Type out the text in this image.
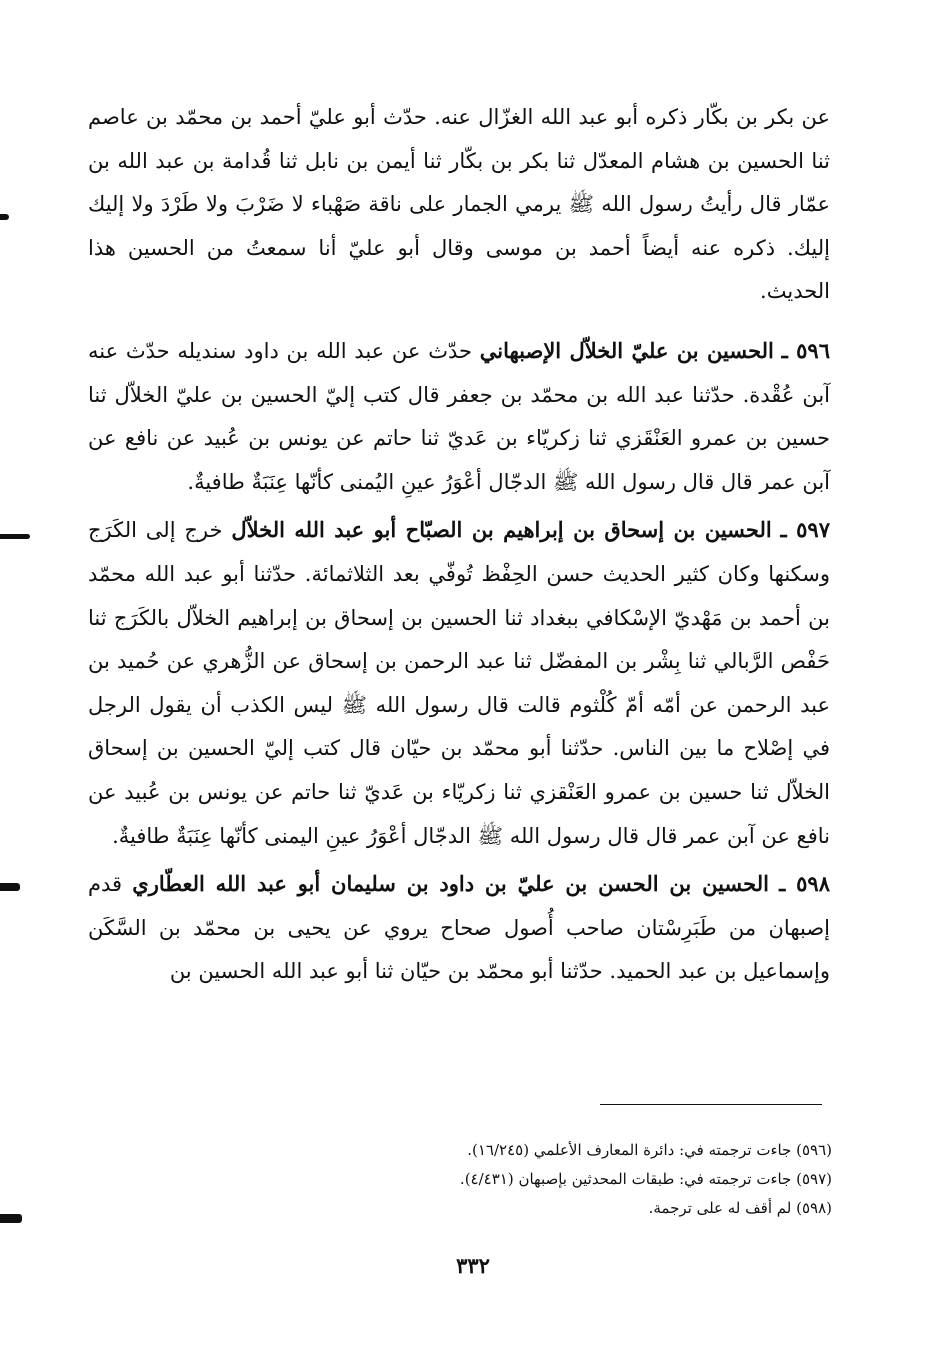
عن بكر بن بكّار ذكره أبو عبد الله الغزّال عنه. حدّث أبو عليّ أحمد بن محمّد بن عاصم ثنا الحسين بن هشام المعدّل ثنا بكر بن بكّار ثنا أيمن بن نابل ثنا قُدامة بن عبد الله بن عمّار قال رأيتُ رسول الله ﷺ يرمي الجمار على ناقة صَهْباء لا ضَرْبَ ولا طَرْدَ ولا إليك إليك. ذكره عنه أيضاً أحمد بن موسى وقال أبو عليّ أنا سمعتُ من الحسين هذا الحديث.

٥٩٦ ـ الحسين بن عليّ الخلاّل الإصبهاني حدّث عن عبد الله بن داود سنديله حدّث عنه آبن عُقْدة. حدّثنا عبد الله بن محمّد بن جعفر قال كتب إليّ الحسين بن عليّ الخلاّل ثنا حسين بن عمرو العَنْقَزي ثنا زكريّاء بن عَديّ ثنا حاتم عن يونس بن عُبيد عن نافع عن آبن عمر قال قال رسول الله ﷺ الدجّال أعْوَرُ عينِ اليُمنى كأنّها عِنَبَةٌ طافيةٌ.

٥٩٧ ـ الحسين بن إسحاق بن إبراهيم بن الصبّاح أبو عبد الله الخلاّل خرج إلى الكَرَج وسكنها وكان كثير الحديث حسن الحِفْظ تُوفّي بعد الثلاثمائة. حدّثنا أبو عبد الله محمّد بن أحمد بن مَهْديّ الإسْكافي ببغداد ثنا الحسين بن إسحاق بن إبراهيم الخلاّل بالكَرَج ثنا حَفْص الرَّبالي ثنا بِشْر بن المفضّل ثنا عبد الرحمن بن إسحاق عن الزُّهري عن حُميد بن عبد الرحمن عن أمّه أمّ كُلْثوم قالت قال رسول الله ﷺ ليس الكذب أن يقول الرجل في إصْلاح ما بين الناس. حدّثنا أبو محمّد بن حيّان قال كتب إليّ الحسين بن إسحاق الخلاّل ثنا حسين بن عمرو العَنْقزي ثنا زكريّاء بن عَديّ ثنا حاتم عن يونس بن عُبيد عن نافع عن آبن عمر قال قال رسول الله ﷺ الدجّال أعْوَرُ عينِ اليمنى كأنّها عِنَبَةٌ طافيةٌ.

٥٩٨ ـ الحسين بن الحسن بن عليّ بن داود بن سليمان أبو عبد الله العطّاري قدم إصبهان من طَبَرِسْتان صاحب أُصول صحاح يروي عن يحيى بن محمّد بن السَّكَن وإسماعيل بن عبد الحميد. حدّثنا أبو محمّد بن حيّان ثنا أبو عبد الله الحسين بن

(٥٩٦) جاءت ترجمته في: دائرة المعارف الأعلمي (١٦/٢٤٥).

(٥٩٧) جاءت ترجمته في: طبقات المحدثين بإصبهان (٤/٤٣١).

(٥٩٨) لم أقف له على ترجمة.

٣٣٢
